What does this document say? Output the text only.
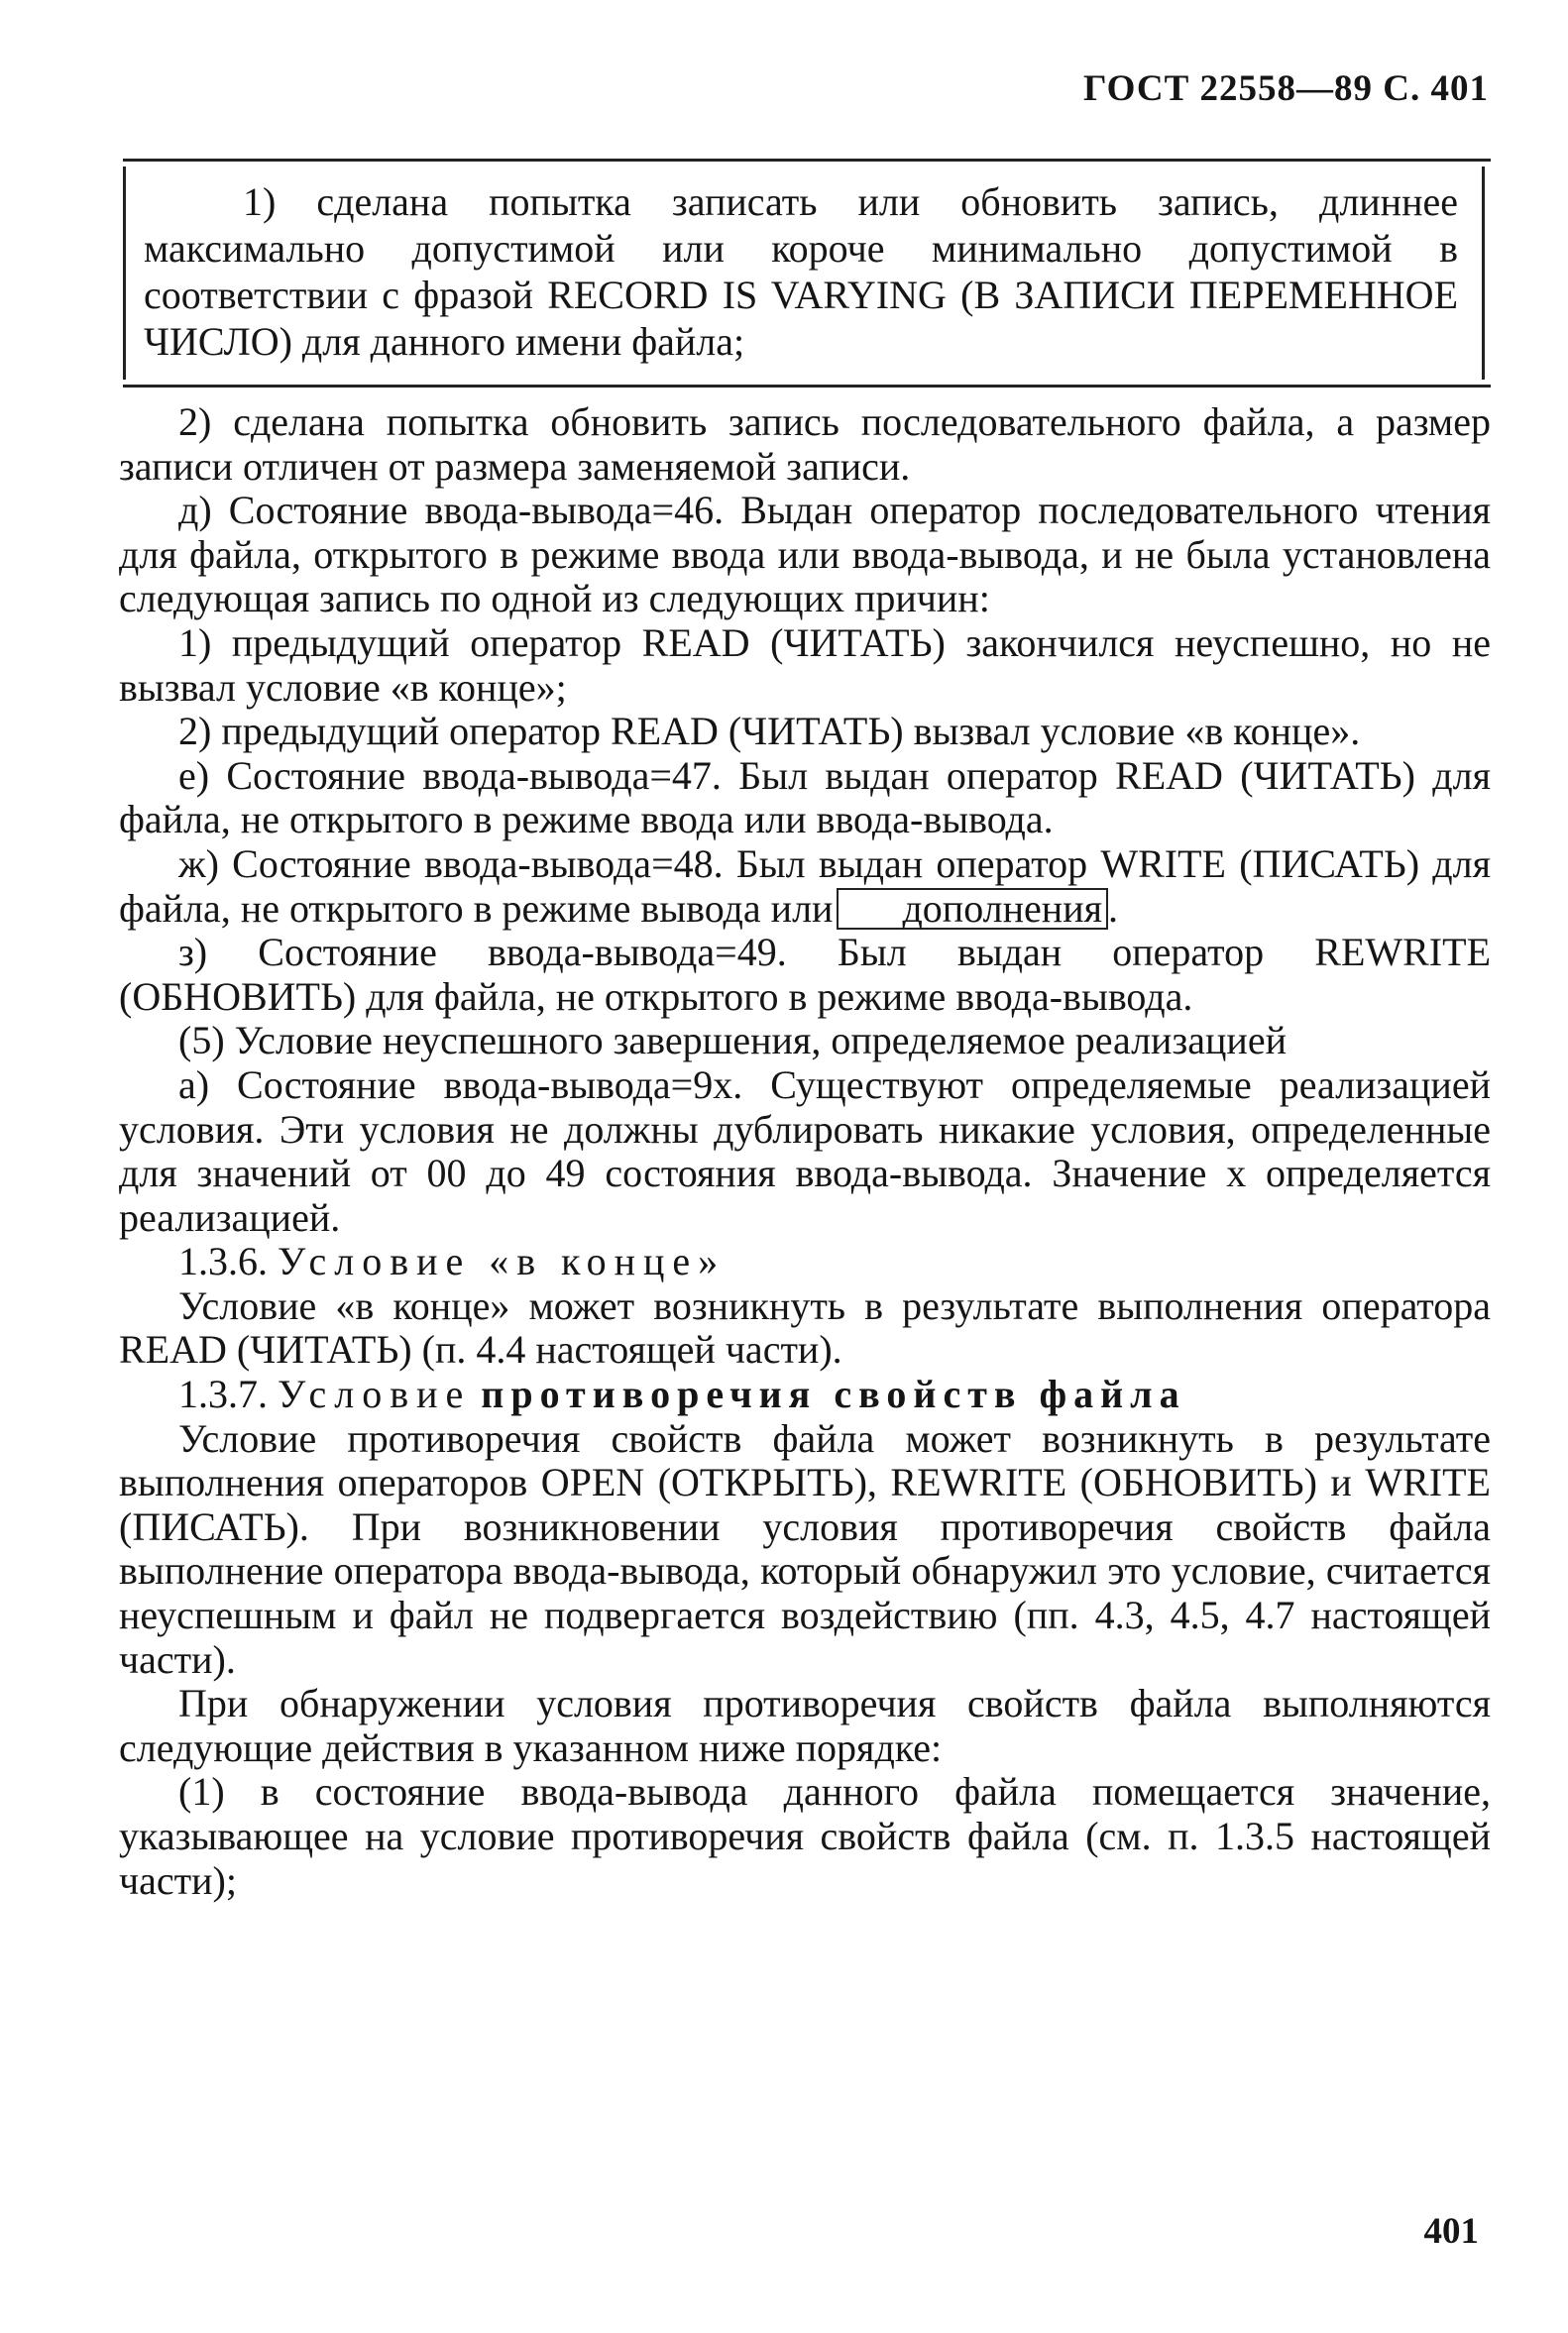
ГОСТ 22558—89 С. 401

1) сделана попытка записать или обновить запись, длиннее максимально допустимой или короче минимально допустимой в соответствии с фразой RECORD IS VARYING (В ЗАПИСИ ПЕРЕМЕННОЕ ЧИСЛО) для данного имени файла;

2) сделана попытка обновить запись последовательного файла, а размер записи отличен от размера заменяемой записи.

д) Состояние ввода-вывода=46. Выдан оператор последовательного чтения для файла, открытого в режиме ввода или ввода-вывода, и не была установлена следующая запись по одной из следующих причин:

1) предыдущий оператор READ (ЧИТАТЬ) закончился неуспешно, но не вызвал условие «в конце»;

2) предыдущий оператор READ (ЧИТАТЬ) вызвал условие «в конце».

е) Состояние ввода-вывода=47. Был выдан оператор READ (ЧИТАТЬ) для файла, не открытого в режиме ввода или ввода-вывода.

ж) Состояние ввода-вывода=48. Был выдан оператор WRITE (ПИСАТЬ) для файла, не открытого в режиме вывода или дополнения .

з) Состояние ввода-вывода=49. Был выдан оператор REWRITE (ОБНОВИТЬ) для файла, не открытого в режиме ввода-вывода.

(5) Условие неуспешного завершения, определяемое реализацией

а) Состояние ввода-вывода=9х. Существуют определяемые реализацией условия. Эти условия не должны дублировать никакие условия, определенные для значений от 00 до 49 состояния ввода-вывода. Значение х определяется реализацией.

1.3.6. Условие «в конце»

Условие «в конце» может возникнуть в результате выполнения оператора READ (ЧИТАТЬ) (п. 4.4 настоящей части).

1.3.7. Условие противоречия свойств файла

Условие противоречия свойств файла может возникнуть в результате выполнения операторов OPEN (ОТКРЫТЬ), REWRITE (ОБНОВИТЬ) и WRITE (ПИСАТЬ). При возникновении условия противоречия свойств файла выполнение оператора ввода-вывода, который обнаружил это условие, считается неуспешным и файл не подвергается воздействию (пп. 4.3, 4.5, 4.7 настоящей части).

При обнаружении условия противоречия свойств файла выполняются следующие действия в указанном ниже порядке:

(1) в состояние ввода-вывода данного файла помещается значение, указывающее на условие противоречия свойств файла (см. п. 1.3.5 настоящей части);

401
